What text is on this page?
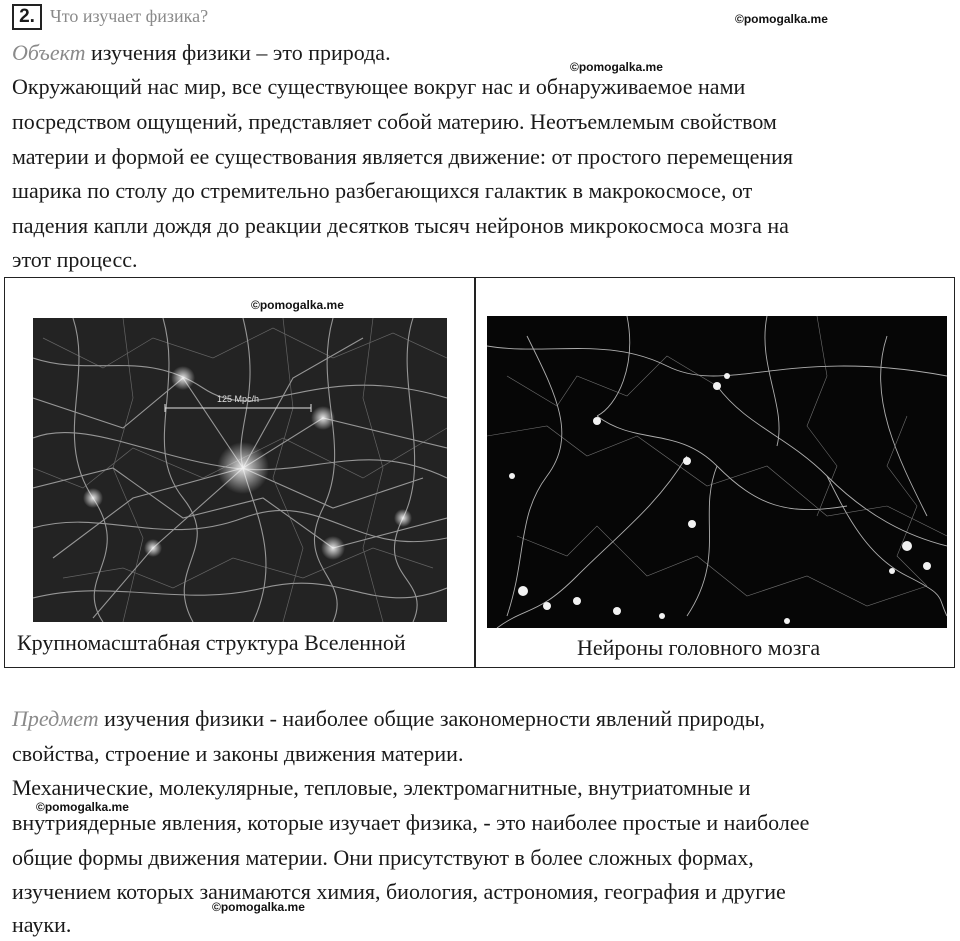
2. Что изучает физика?	©pomogalka.me
Объект изучения физики – это природа.
©pomogalka.me
Окружающий нас мир, все существующее вокруг нас и обнаруживаемое нами
посредством ощущений, представляет собой материю. Неотъемлемым свойством
материи и формой ее существования является движение: от простого перемещения
шарика по столу до стремительно разбегающихся галактик в макрокосмосе, от
падения капли дождя до реакции десятков тысяч нейронов микрокосмоса мозга на
этот процесс.
©pomogalka.me
125 Mpc/h
Крупномасштабная структура Вселенной	Нейроны головного мозга
Предмет изучения физики - наиболее общие закономерности явлений природы,
свойства, строение и законы движения материи.
Механические, молекулярные, тепловые, электромагнитные, внутриатомные и
©pomogalka.me
внутриядерные явления, которые изучает физика, - это наиболее простые и наиболее
общие формы движения материи. Они присутствуют в более сложных формах,
изучением которых занимаются химия, биология, астрономия, география и другие
©pomogalka.me
науки.
